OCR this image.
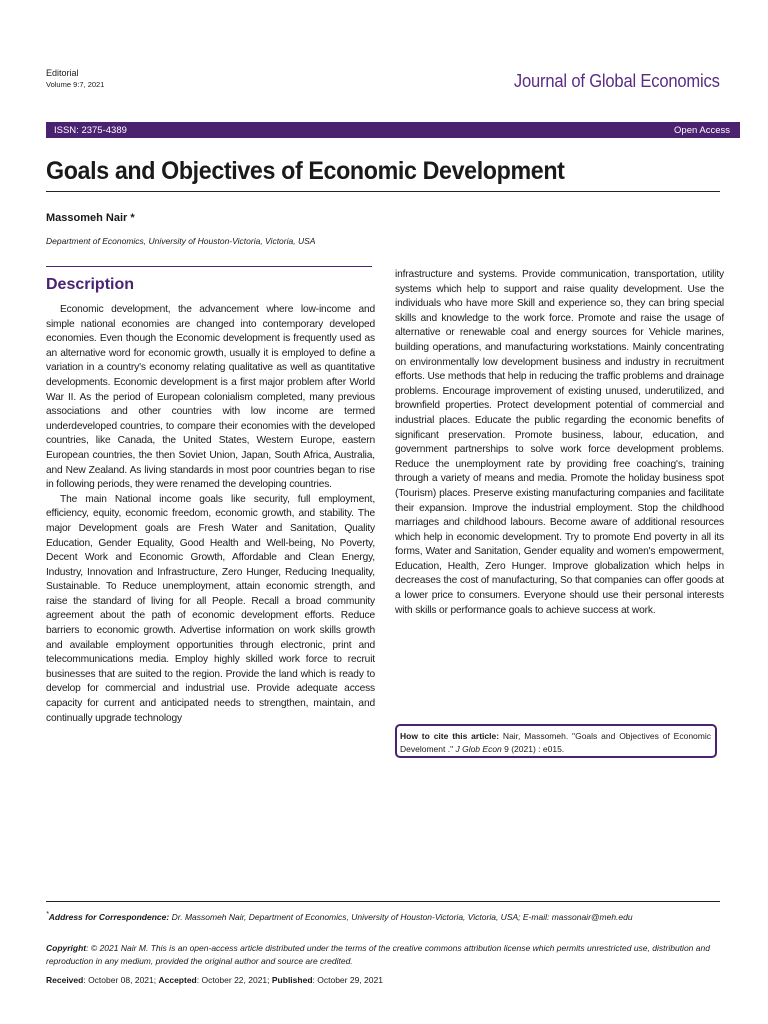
Editorial
Volume 9:7, 2021	Journal of Global Economics
ISSN: 2375-4389	Open Access
Goals and Objectives of Economic Development
Massomeh Nair *
Department of Economics, University of Houston-Victoria, Victoria, USA
Description

Economic development, the advancement where low-income and simple national economies are changed into contemporary developed economies. Even though the Economic development is frequently used as an alternative word for economic growth, usually it is employed to define a variation in a country's economy relating qualitative as well as quantitative developments. Economic development is a first major problem after World War II. As the period of European colonialism completed, many previous associations and other countries with low income are termed underdeveloped countries, to compare their economies with the developed countries, like Canada, the United States, Western Europe, eastern European countries, the then Soviet Union, Japan, South Africa, Australia, and New Zealand. As living standards in most poor countries began to rise in following periods, they were renamed the developing countries.

The main National income goals like security, full employment, efficiency, equity, economic freedom, economic growth, and stability. The major Development goals are Fresh Water and Sanitation, Quality Education, Gender Equality, Good Health and Well-being, No Poverty, Decent Work and Economic Growth, Affordable and Clean Energy, Industry, Innovation and Infrastructure, Zero Hunger, Reducing Inequality, Sustainable. To Reduce unemployment, attain economic strength, and raise the standard of living for all People. Recall a broad community agreement about the path of economic development efforts. Reduce barriers to economic growth. Advertise information on work skills growth and available employment opportunities through electronic, print and telecommunications media. Employ highly skilled work force to recruit businesses that are suited to the region. Provide the land which is ready to develop for commercial and industrial use. Provide adequate access capacity for current and anticipated needs to strengthen, maintain, and continually upgrade technology

infrastructure and systems. Provide communication, transportation, utility systems which help to support and raise quality development. Use the individuals who have more Skill and experience so, they can bring special skills and knowledge to the work force. Promote and raise the usage of alternative or renewable coal and energy sources for Vehicle marines, building operations, and manufacturing workstations. Mainly concentrating on environmentally low development business and industry in recruitment efforts. Use methods that help in reducing the traffic problems and drainage problems. Encourage improvement of existing unused, underutilized, and brownfield properties. Protect development potential of commercial and industrial places. Educate the public regarding the economic benefits of significant preservation. Promote business, labour, education, and government partnerships to solve work force development problems. Reduce the unemployment rate by providing free coaching's, training through a variety of means and media. Promote the holiday business spot (Tourism) places. Preserve existing manufacturing companies and facilitate their expansion. Improve the industrial employment. Stop the childhood marriages and childhood labours. Become aware of additional resources which help in economic development. Try to promote End poverty in all its forms, Water and Sanitation, Gender equality and women's empowerment, Education, Health, Zero Hunger. Improve globalization which helps in decreases the cost of manufacturing, So that companies can offer goods at a lower price to consumers. Everyone should use their personal interests with skills or performance goals to achieve success at work.

How to cite this article: Nair, Massomeh. "Goals and Objectives of Economic Develoment ." J Glob Econ 9 (2021) : e015.
*Address for Correspondence: Dr. Massomeh Nair, Department of Economics, University of Houston-Victoria, Victoria, USA; E-mail: massonair@meh.edu
Copyright: © 2021 Nair M. This is an open-access article distributed under the terms of the creative commons attribution license which permits unrestricted use, distribution and reproduction in any medium, provided the original author and source are credited.
Received: October 08, 2021; Accepted: October 22, 2021; Published: October 29, 2021
